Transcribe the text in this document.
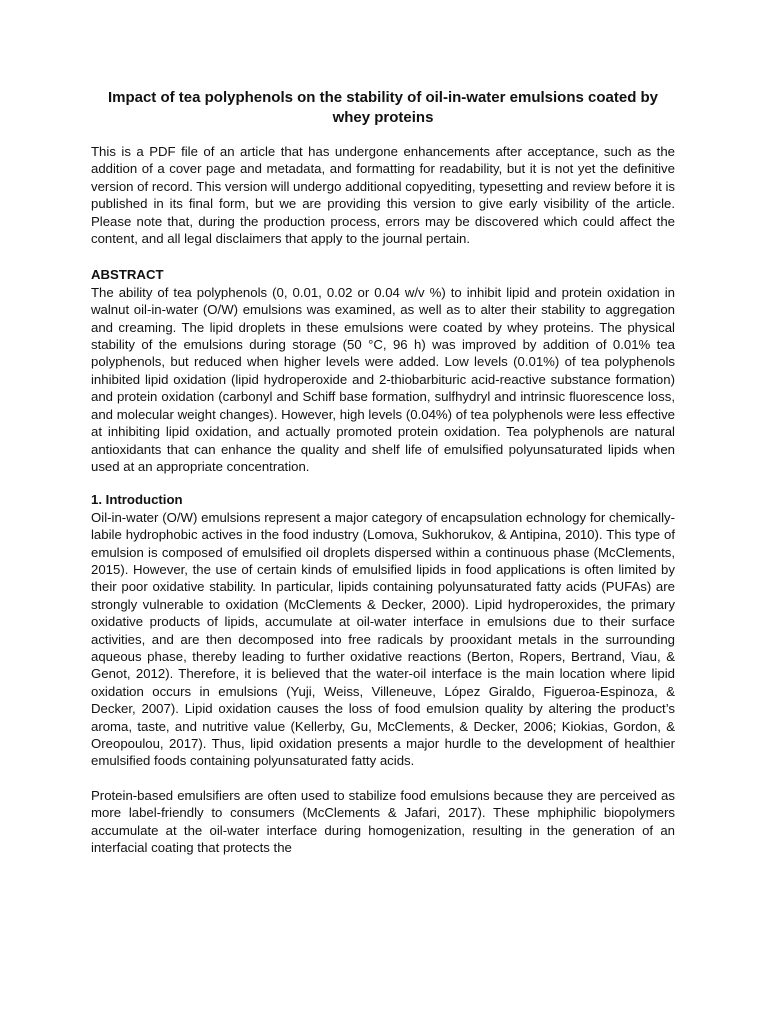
Impact of tea polyphenols on the stability of oil-in-water emulsions coated by whey proteins

This is a PDF file of an article that has undergone enhancements after acceptance, such as the addition of a cover page and metadata, and formatting for readability, but it is not yet the definitive version of record. This version will undergo additional copyediting, typesetting and review before it is published in its final form, but we are providing this version to give early visibility of the article. Please note that, during the production process, errors may be discovered which could affect the content, and all legal disclaimers that apply to the journal pertain.

ABSTRACT

The ability of tea polyphenols (0, 0.01, 0.02 or 0.04 w/v %) to inhibit lipid and protein oxidation in walnut oil-in-water (O/W) emulsions was examined, as well as to alter their stability to aggregation and creaming. The lipid droplets in these emulsions were coated by whey proteins. The physical stability of the emulsions during storage (50 °C, 96 h) was improved by addition of 0.01% tea polyphenols, but reduced when higher levels were added. Low levels (0.01%) of tea polyphenols inhibited lipid oxidation (lipid hydroperoxide and 2-thiobarbituric acid-reactive substance formation) and protein oxidation (carbonyl and Schiff base formation, sulfhydryl and intrinsic fluorescence loss, and molecular weight changes). However, high levels (0.04%) of tea polyphenols were less effective at inhibiting lipid oxidation, and actually promoted protein oxidation. Tea polyphenols are natural antioxidants that can enhance the quality and shelf life of emulsified polyunsaturated lipids when used at an appropriate concentration.

1. Introduction

Oil-in-water (O/W) emulsions represent a major category of encapsulation echnology for chemically-labile hydrophobic actives in the food industry (Lomova, Sukhorukov, & Antipina, 2010). This type of emulsion is composed of emulsified oil droplets dispersed within a continuous phase (McClements, 2015). However, the use of certain kinds of emulsified lipids in food applications is often limited by their poor oxidative stability. In particular, lipids containing polyunsaturated fatty acids (PUFAs) are strongly vulnerable to oxidation (McClements & Decker, 2000). Lipid hydroperoxides, the primary oxidative products of lipids, accumulate at oil-water interface in emulsions due to their surface activities, and are then decomposed into free radicals by prooxidant metals in the surrounding aqueous phase, thereby leading to further oxidative reactions (Berton, Ropers, Bertrand, Viau, & Genot, 2012). Therefore, it is believed that the water-oil interface is the main location where lipid oxidation occurs in emulsions (Yuji, Weiss, Villeneuve, López Giraldo, Figueroa-Espinoza, & Decker, 2007). Lipid oxidation causes the loss of food emulsion quality by altering the product’s aroma, taste, and nutritive value (Kellerby, Gu, McClements, & Decker, 2006; Kiokias, Gordon, & Oreopoulou, 2017). Thus, lipid oxidation presents a major hurdle to the development of healthier emulsified foods containing polyunsaturated fatty acids.

Protein-based emulsifiers are often used to stabilize food emulsions because they are perceived as more label-friendly to consumers (McClements & Jafari, 2017). These mphiphilic biopolymers accumulate at the oil-water interface during homogenization, resulting in the generation of an interfacial coating that protects the
